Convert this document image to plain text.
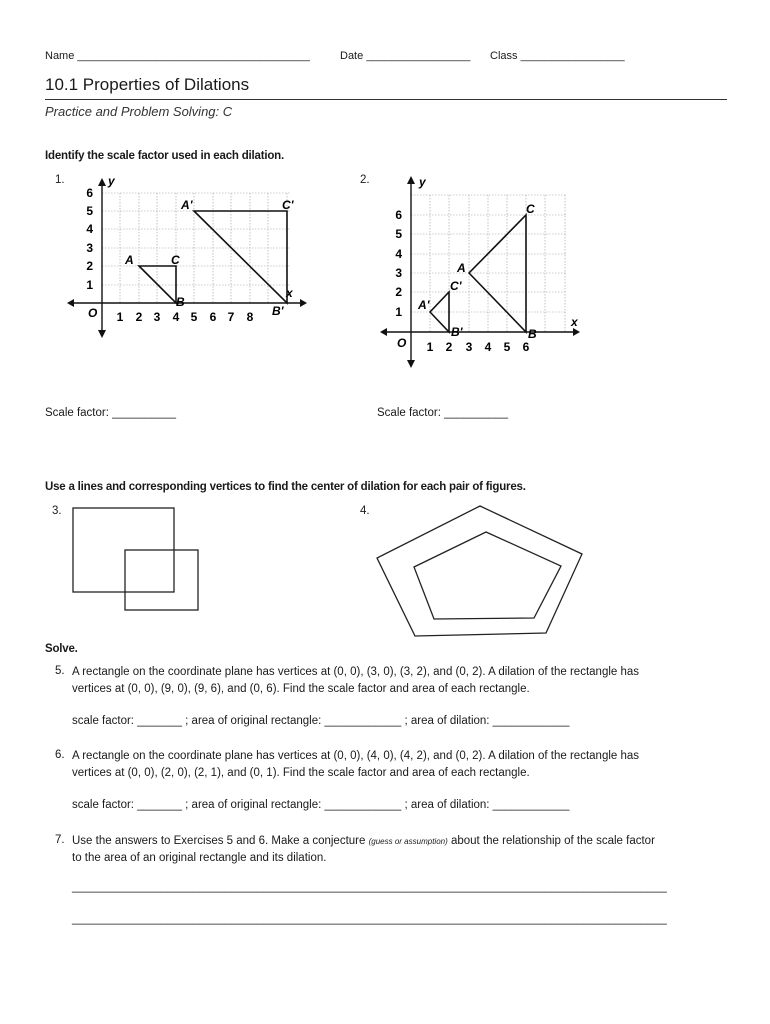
Name ______________________________________	Date _________________ Class _________________
10.1 Properties of Dilations
Practice and Problem Solving: C
Identify the scale factor used in each dilation.
1.	2.
y
x
O 1 2 3 4 5 6 7 8
1
2
3
4
5
6
A	C
B
A'	C'
B'
y
x
O 1 2 3 4 5 6
1
2
3
4
5
6
A
C
B
A'
C'
B'
Scale factor: __________	Scale factor: __________
Use a lines and corresponding vertices to find the center of dilation for each pair of figures.
3.	4.
Solve.
5. A rectangle on the coordinate plane has vertices at (0, 0), (3, 0), (3, 2), and (0, 2). A dilation of the rectangle has
vertices at (0, 0), (9, 0), (9, 6), and (0, 6). Find the scale factor and area of each rectangle.
scale factor: _______ ; area of original rectangle: ____________ ; area of dilation: ____________
6. A rectangle on the coordinate plane has vertices at (0, 0), (4, 0), (4, 2), and (0, 2). A dilation of the rectangle has
vertices at (0, 0), (2, 0), (2, 1), and (0, 1). Find the scale factor and area of each rectangle.
scale factor: _______ ; area of original rectangle: ____________ ; area of dilation: ____________
7. Use the answers to Exercises 5 and 6. Make a conjecture (guess or assumption) about the relationship of the scale factor
to the area of an original rectangle and its dilation.
_____________________________________________________________________________________________
_____________________________________________________________________________________________
